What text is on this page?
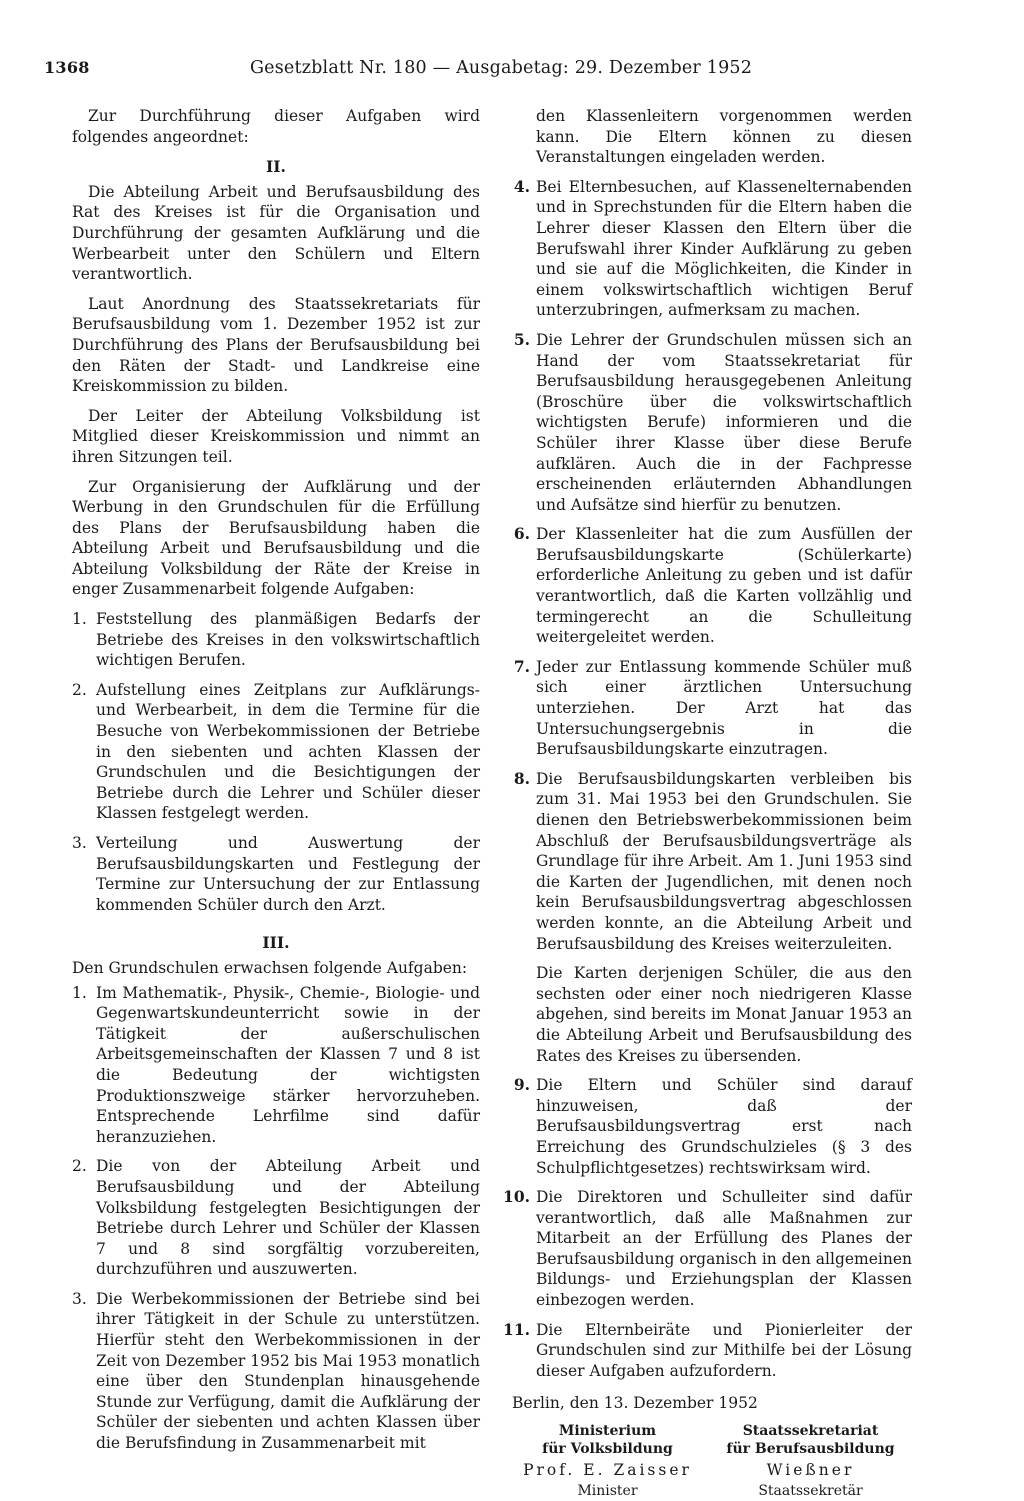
1368	Gesetzblatt Nr. 180 — Ausgabetag: 29. Dezember 1952

Zur Durchführung dieser Aufgaben wird folgendes angeordnet:

II.

Die Abteilung Arbeit und Berufsausbildung des Rat des Kreises ist für die Organisation und Durchführung der gesamten Aufklärung und die Werbearbeit unter den Schülern und Eltern verantwortlich.

Laut Anordnung des Staatssekretariats für Berufsausbildung vom 1. Dezember 1952 ist zur Durchführung des Plans der Berufsausbildung bei den Räten der Stadt- und Landkreise eine Kreiskommission zu bilden.

Der Leiter der Abteilung Volksbildung ist Mitglied dieser Kreiskommission und nimmt an ihren Sitzungen teil.

Zur Organisierung der Aufklärung und der Werbung in den Grundschulen für die Erfüllung des Plans der Berufsausbildung haben die Abteilung Arbeit und Berufsausbildung und die Abteilung Volksbildung der Räte der Kreise in enger Zusammenarbeit folgende Aufgaben:

1. Feststellung des planmäßigen Bedarfs der Betriebe des Kreises in den volkswirtschaftlich wichtigen Berufen.
2. Aufstellung eines Zeitplans zur Aufklärungs- und Werbearbeit, in dem die Termine für die Besuche von Werbekommissionen der Betriebe in den siebenten und achten Klassen der Grundschulen und die Besichtigungen der Betriebe durch die Lehrer und Schüler dieser Klassen festgelegt werden.
3. Verteilung und Auswertung der Berufsausbildungskarten und Festlegung der Termine zur Untersuchung der zur Entlassung kommenden Schüler durch den Arzt.
III.

Den Grundschulen erwachsen folgende Aufgaben:

1. Im Mathematik-, Physik-, Chemie-, Biologie- und Gegenwartskundeunterricht sowie in der Tätigkeit der außerschulischen Arbeitsgemeinschaften der Klassen 7 und 8 ist die Bedeutung der wichtigsten Produktionszweige stärker hervorzuheben. Entsprechende Lehrfilme sind dafür heranzuziehen.
2. Die von der Abteilung Arbeit und Berufsausbildung und der Abteilung Volksbildung festgelegten Besichtigungen der Betriebe durch Lehrer und Schüler der Klassen 7 und 8 sind sorgfältig vorzubereiten, durchzuführen und auszuwerten.
3. Die Werbekommissionen der Betriebe sind bei ihrer Tätigkeit in der Schule zu unterstützen. Hierfür steht den Werbekommissionen in der Zeit von Dezember 1952 bis Mai 1953 monatlich eine über den Stundenplan hinausgehende Stunde zur Verfügung, damit die Aufklärung der Schüler der siebenten und achten Klassen über die Berufsfindung in Zusammenarbeit mit

den Klassenleitern vorgenommen werden kann. Die Eltern können zu diesen Veranstaltungen eingeladen werden.

4. Bei Elternbesuchen, auf Klassenelternabenden und in Sprechstunden für die Eltern haben die Lehrer dieser Klassen den Eltern über die Berufswahl ihrer Kinder Aufklärung zu geben und sie auf die Möglichkeiten, die Kinder in einem volkswirtschaftlich wichtigen Beruf unterzubringen, aufmerksam zu machen.
5. Die Lehrer der Grundschulen müssen sich an Hand der vom Staatssekretariat für Berufsausbildung herausgegebenen Anleitung (Broschüre über die volkswirtschaftlich wichtigsten Berufe) informieren und die Schüler ihrer Klasse über diese Berufe aufklären. Auch die in der Fachpresse erscheinenden erläuternden Abhandlungen und Aufsätze sind hierfür zu benutzen.
6. Der Klassenleiter hat die zum Ausfüllen der Berufsausbildungskarte (Schülerkarte) erforderliche Anleitung zu geben und ist dafür verantwortlich, daß die Karten vollzählig und termingerecht an die Schulleitung weitergeleitet werden.
7. Jeder zur Entlassung kommende Schüler muß sich einer ärztlichen Untersuchung unterziehen. Der Arzt hat das Untersuchungsergebnis in die Berufsausbildungskarte einzutragen.
8. Die Berufsausbildungskarten verbleiben bis zum 31. Mai 1953 bei den Grundschulen. Sie dienen den Betriebswerbekommissionen beim Abschluß der Berufsausbildungsverträge als Grundlage für ihre Arbeit. Am 1. Juni 1953 sind die Karten der Jugendlichen, mit denen noch kein Berufsausbildungsvertrag abgeschlossen werden konnte, an die Abteilung Arbeit und Berufsausbildung des Kreises weiterzuleiten.

Die Karten derjenigen Schüler, die aus den sechsten oder einer noch niedrigeren Klasse abgehen, sind bereits im Monat Januar 1953 an die Abteilung Arbeit und Berufsausbildung des Rates des Kreises zu übersenden.

9. Die Eltern und Schüler sind darauf hinzuweisen, daß der Berufsausbildungsvertrag erst nach Erreichung des Grundschulzieles (§ 3 des Schulpflichtgesetzes) rechtswirksam wird.
10. Die Direktoren und Schulleiter sind dafür verantwortlich, daß alle Maßnahmen zur Mitarbeit an der Erfüllung des Planes der Berufsausbildung organisch in den allgemeinen Bildungs- und Erziehungsplan der Klassen einbezogen werden.
11. Die Elternbeiräte und Pionierleiter der Grundschulen sind zur Mithilfe bei der Lösung dieser Aufgaben aufzufordern.
Berlin, den 13. Dezember 1952
Ministerium
für Volksbildung
Prof. E. Zaisser
Minister
Staatssekretariat
für Berufsausbildung
Wießner
Staatssekretär
